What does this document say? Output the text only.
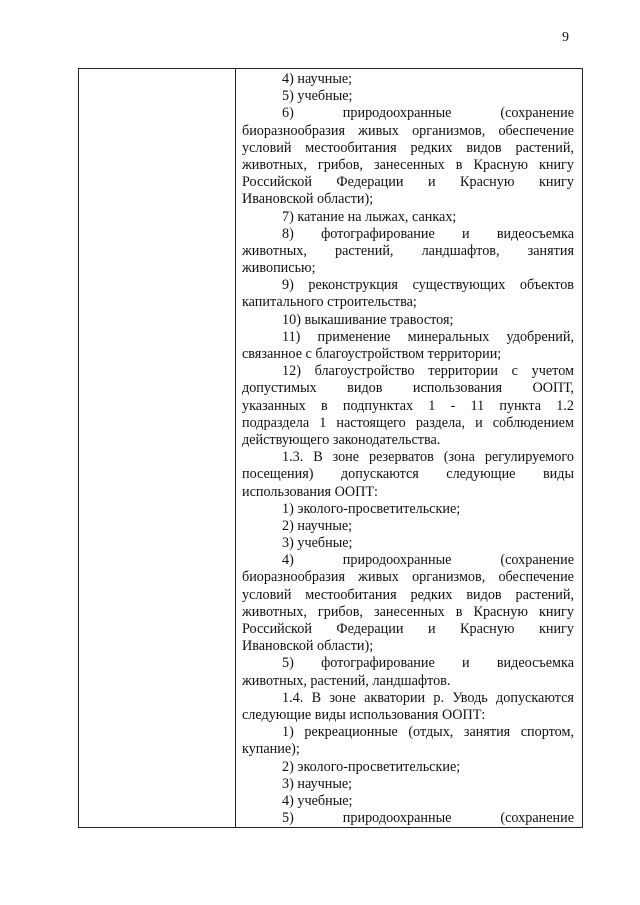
9
4) научные;
5) учебные;
6)	природоохранные	(сохранение
биоразнообразия живых организмов, обеспечение
условий местообитания редких видов растений,
животных, грибов, занесенных в Красную книгу
Российской Федерации и Красную книгу
Ивановской области);
7) катание на лыжах, санках;
8) фотографирование и видеосъемка
животных, растений, ландшафтов, занятия
живописью;
9) реконструкция существующих объектов
капитального строительства;
10) выкашивание травостоя;
11) применение минеральных удобрений,
связанное с благоустройством территории;
12) благоустройство территории с учетом
допустимых видов использования ООПТ,
указанных в подпунктах 1 - 11 пункта 1.2
подраздела 1 настоящего раздела, и соблюдением
действующего законодательства.
1.3. В зоне резерватов (зона регулируемого
посещения) допускаются следующие виды
использования ООПТ:
1) эколого-просветительские;
2) научные;
3) учебные;
4)	природоохранные	(сохранение
биоразнообразия живых организмов, обеспечение
условий местообитания редких видов растений,
животных, грибов, занесенных в Красную книгу
Российской Федерации и Красную книгу
Ивановской области);
5) фотографирование и видеосъемка
животных, растений, ландшафтов.
1.4. В зоне акватории р. Уводь допускаются
следующие виды использования ООПТ:
1) рекреационные (отдых, занятия спортом,
купание);
2) эколого-просветительские;
3) научные;
4) учебные;
5)	природоохранные	(сохранение
